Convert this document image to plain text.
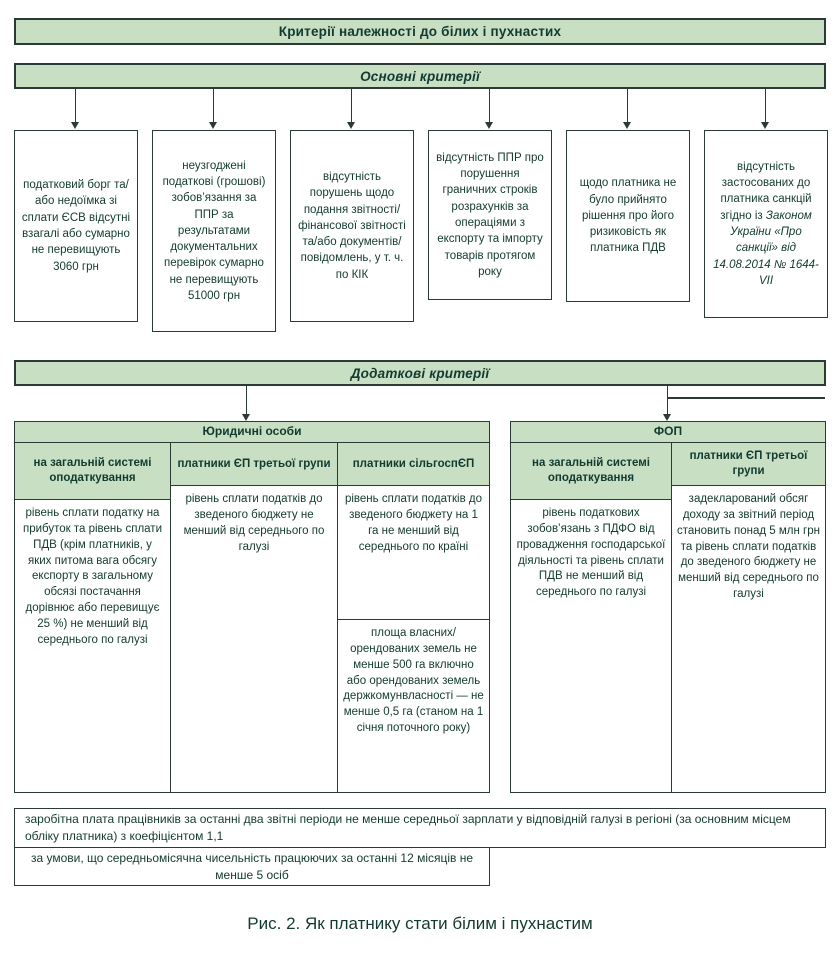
Критерії належності до білих і пухнастих
Основні критерії
податковий борг та/або недоїмка зі сплати ЄСВ відсутні взагалі або сумарно не перевищують 3060 грн
неузгоджені податкові (грошові) зобов’язання за ППР за результатами документальних перевірок сумарно не перевищують 51000 грн
відсутність порушень щодо подання звітності/ фінансової звітності та/або документів/ повідомлень, у т. ч. по КІК
відсутність ППР про порушення граничних строків розрахунків за операціями з експорту та імпорту товарів протягом року
щодо платника не було прийнято рішення про його ризиковість як платника ПДВ
відсутність застосованих до платника санкцій згідно із Законом України «Про санкції» від 14.08.2014 № 1644-VII
Додаткові критерії
Юридичні особи
на загальній системі оподаткування
платники ЄП третьої групи	платники сільгоспЄП
рівень сплати податку на прибуток та рівень сплати ПДВ (крім платників, у яких питома вага обсягу експорту в загальному обсязі постачання дорівнює або перевищує 25 %) не менший від середнього по галузі
рівень сплати податків до зведеного бюджету не менший від середнього по галузі
рівень сплати податків до зведеного бюджету на 1 га не менший від середнього по країні
площа власних/ орендованих земель не менше 500 га включно або орендованих земель держкомунвласності — не менше 0,5 га (станом на 1 січня поточного року)
ФОП
на загальній системі оподаткування
платники ЄП третьої групи
рівень податкових зобов’язань з ПДФО від провадження господарської діяльності та рівень сплати ПДВ не менший від середнього по галузі
задекларований обсяг доходу за звітний період становить понад 5 млн грн та рівень сплати податків до зведеного бюджету не менший від середнього по галузі
заробітна плата працівників за останні два звітні періоди не менше середньої зарплати у відповідній галузі в регіоні (за основним місцем обліку платника) з коефіцієнтом 1,1
за умови, що середньомісячна чисельність працюючих за останні 12 місяців не менше 5 осіб
Рис. 2. Як платнику стати білим і пухнастим
